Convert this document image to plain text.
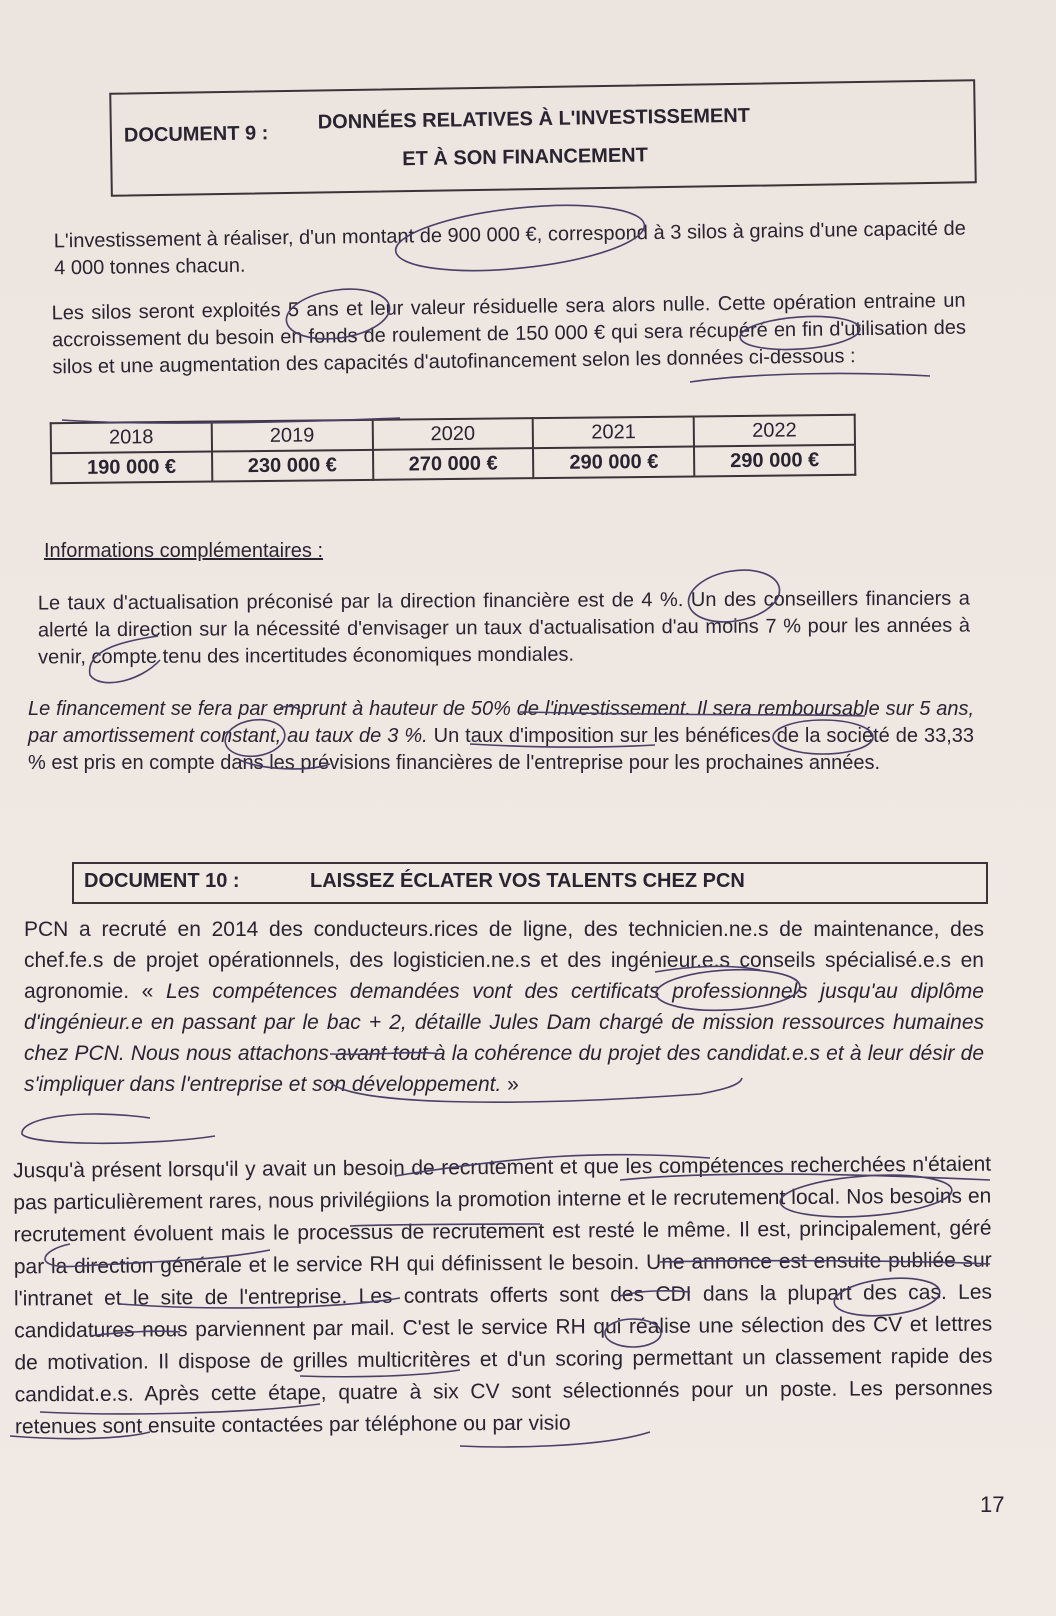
DOCUMENT 9 :
DONNÉES RELATIVES À L'INVESTISSEMENT
ET À SON FINANCEMENT
L'investissement à réaliser, d'un montant de 900 000 €, correspond à 3 silos à grains d'une capacité de 4 000 tonnes chacun.
Les silos seront exploités 5 ans et leur valeur résiduelle sera alors nulle. Cette opération entraine un accroissement du besoin en fonds de roulement de 150 000 € qui sera récupéré en fin d'utilisation des silos et une augmentation des capacités d'autofinancement selon les données ci-dessous :
2018	2019	2020	2021	2022
190 000 €	230 000 €	270 000 €	290 000 €	290 000 €
Informations complémentaires :
Le taux d'actualisation préconisé par la direction financière est de 4 %. Un des conseillers financiers a alerté la direction sur la nécessité d'envisager un taux d'actualisation d'au moins 7 % pour les années à venir, compte tenu des incertitudes économiques mondiales.
Le financement se fera par emprunt à hauteur de 50% de l'investissement. Il sera remboursable sur 5 ans, par amortissement constant, au taux de 3 %. Un taux d'imposition sur les bénéfices de la société de 33,33 % est pris en compte dans les prévisions financières de l'entreprise pour les prochaines années.
DOCUMENT 10 :	LAISSEZ ÉCLATER VOS TALENTS CHEZ PCN
PCN a recruté en 2014 des conducteurs.rices de ligne, des technicien.ne.s de maintenance, des chef.fe.s de projet opérationnels, des logisticien.ne.s et des ingénieur.e.s conseils spécialisé.e.s en agronomie. « Les compétences demandées vont des certificats professionnels jusqu'au diplôme d'ingénieur.e en passant par le bac + 2, détaille Jules Dam chargé de mission ressources humaines chez PCN. Nous nous attachons avant tout à la cohérence du projet des candidat.e.s et à leur désir de s'impliquer dans l'entreprise et son développement. »
Jusqu'à présent lorsqu'il y avait un besoin de recrutement et que les compétences recherchées n'étaient pas particulièrement rares, nous privilégiions la promotion interne et le recrutement local. Nos besoins en recrutement évoluent mais le processus de recrutement est resté le même. Il est, principalement, géré par la direction générale et le service RH qui définissent le besoin. Une annonce est ensuite publiée sur l'intranet et le site de l'entreprise. Les contrats offerts sont des CDI dans la plupart des cas. Les candidatures nous parviennent par mail. C'est le service RH qui réalise une sélection des CV et lettres de motivation. Il dispose de grilles multicritères et d'un scoring permettant un classement rapide des candidat.e.s. Après cette étape, quatre à six CV sont sélectionnés pour un poste. Les personnes retenues sont ensuite contactées par téléphone ou par visio
17
